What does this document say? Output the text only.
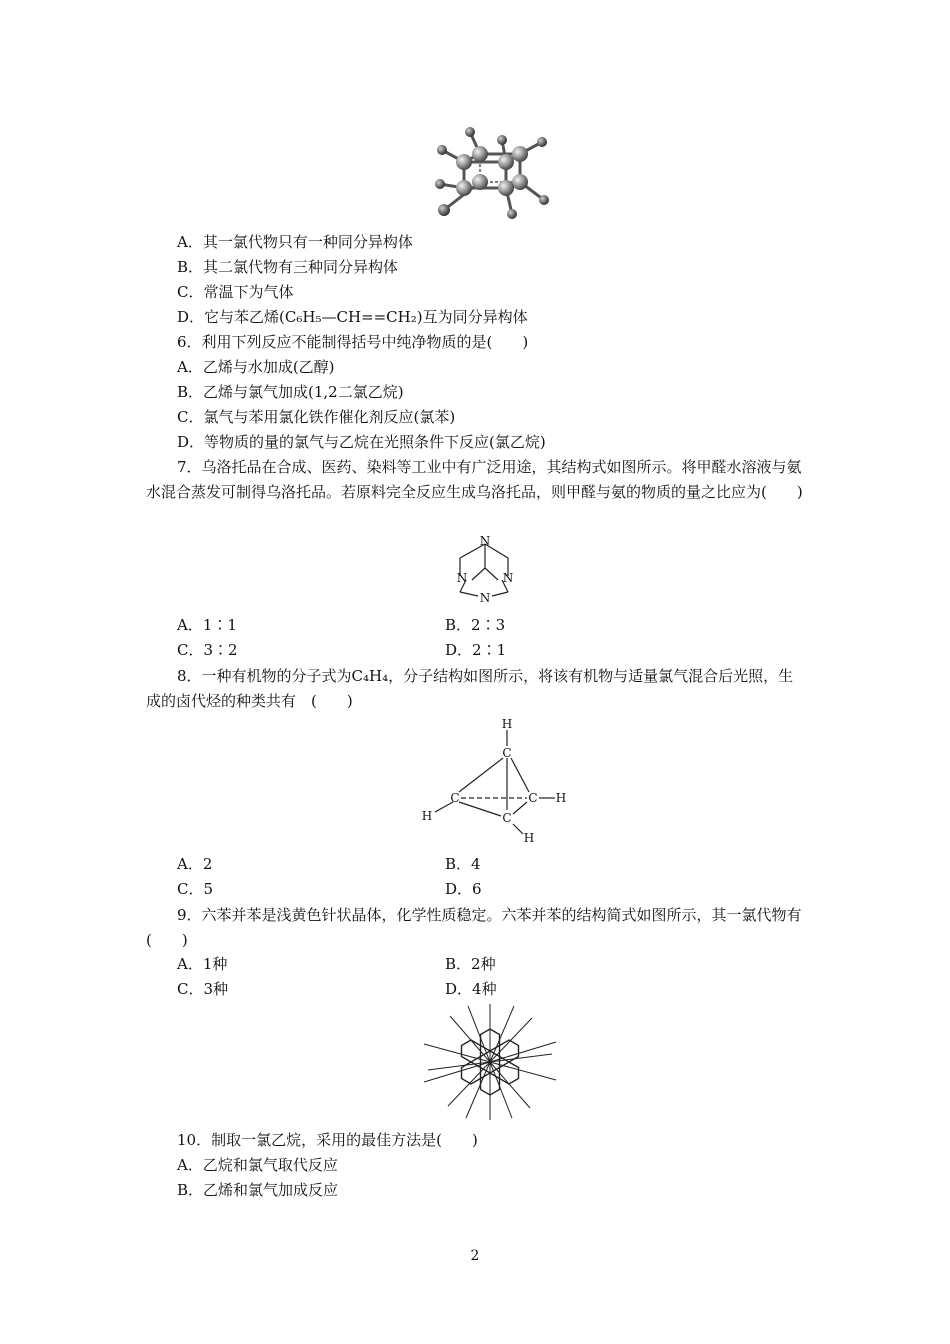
A．其一氯代物只有一种同分异构体
B．其二氯代物有三种同分异构体
C．常温下为气体
D．它与苯乙烯(C₆H₅—CH==CH₂)互为同分异构体
6．利用下列反应不能制得括号中纯净物质的是(　　)
A．乙烯与水加成(乙醇)
B．乙烯与氯气加成(1,2二氯乙烷)
C．氯气与苯用氯化铁作催化剂反应(氯苯)
D．等物质的量的氯气与乙烷在光照条件下反应(氯乙烷)
7．乌洛托品在合成、医药、染料等工业中有广泛用途，其结构式如图所示。将甲醛水溶液与氨水混合蒸发可制得乌洛托品。若原料完全反应生成乌洛托品，则甲醛与氨的物质的量之比应为(　　)
N
N	N
N
A．1∶1	B．2∶3
C．3∶2	D．2∶1
8．一种有机物的分子式为C₄H₄，分子结构如图所示，将该有机物与适量氯气混合后光照，生成的卤代烃的种类共有　(　　)
H
C
C	C
C
H
H
H
A．2	B．4
C．5	D．6
9．六苯并苯是浅黄色针状晶体，化学性质稳定。六苯并苯的结构简式如图所示，其一氯代物有(　　)
A．1种	B．2种
C．3种	D．4种
10．制取一氯乙烷，采用的最佳方法是(　　)
A．乙烷和氯气取代反应
B．乙烯和氯气加成反应
2
